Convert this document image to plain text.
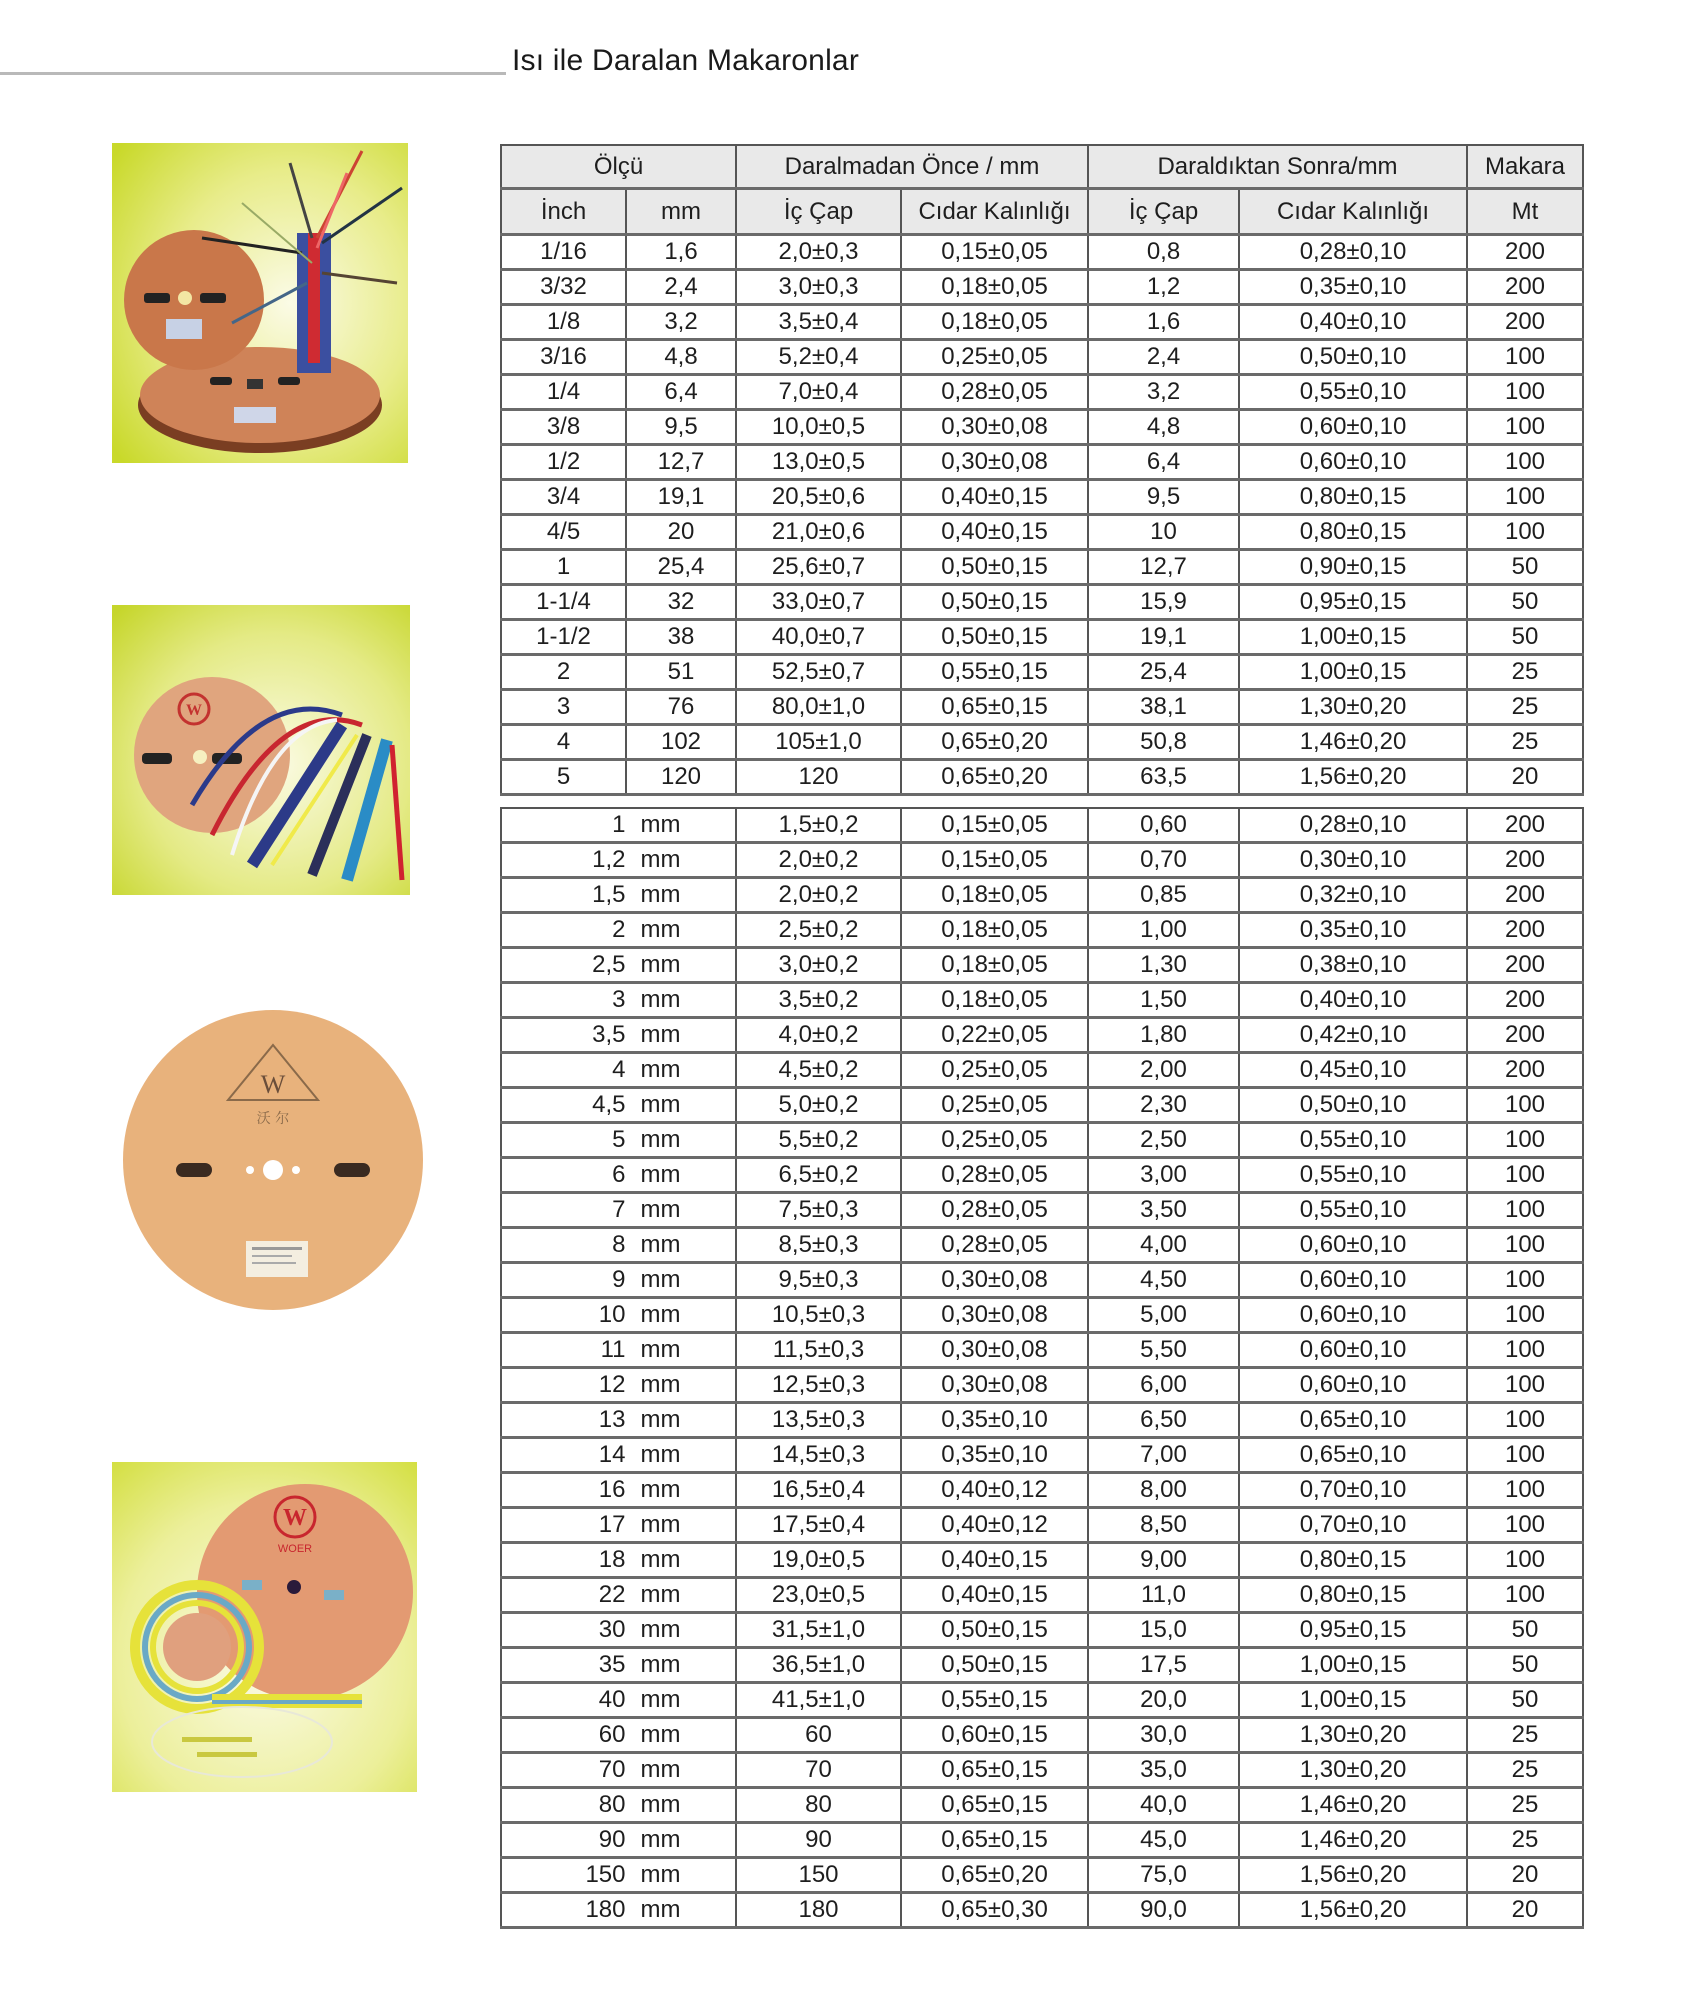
Isı ile Daralan Makaronlar
W
W
沃 尔
W
WOER
Ölçü		Daralmadan Önce / mm		Daraldıktan Sonra/mm		Makara
İnch	mm	İç Çap	Cıdar Kalınlığı	İç Çap	Cıdar Kalınlığı	Mt
1/16	1,6	2,0±0,3	0,15±0,05	0,8	0,28±0,10	200
3/32	2,4	3,0±0,3	0,18±0,05	1,2	0,35±0,10	200
1/8	3,2	3,5±0,4	0,18±0,05	1,6	0,40±0,10	200
3/16	4,8	5,2±0,4	0,25±0,05	2,4	0,50±0,10	100
1/4	6,4	7,0±0,4	0,28±0,05	3,2	0,55±0,10	100
3/8	9,5	10,0±0,5	0,30±0,08	4,8	0,60±0,10	100
1/2	12,7	13,0±0,5	0,30±0,08	6,4	0,60±0,10	100
3/4	19,1	20,5±0,6	0,40±0,15	9,5	0,80±0,15	100
4/5	20	21,0±0,6	0,40±0,15	10	0,80±0,15	100
1	25,4	25,6±0,7	0,50±0,15	12,7	0,90±0,15	50
1-1/4	32	33,0±0,7	0,50±0,15	15,9	0,95±0,15	50
1-1/2	38	40,0±0,7	0,50±0,15	19,1	1,00±0,15	50
2	51	52,5±0,7	0,55±0,15	25,4	1,00±0,15	25
3	76	80,0±1,0	0,65±0,15	38,1	1,30±0,20	25
4	102	105±1,0	0,65±0,20	50,8	1,46±0,20	25
5	120	120	0,65±0,20	63,5	1,56±0,20	20
1 mm	1,5±0,2	0,15±0,05	0,60	0,28±0,10	200

1,2 mm	2,0±0,2	0,15±0,05	0,70	0,30±0,10	200

1,5 mm	2,0±0,2	0,18±0,05	0,85	0,32±0,10	200

2 mm	2,5±0,2	0,18±0,05	1,00	0,35±0,10	200

2,5 mm	3,0±0,2	0,18±0,05	1,30	0,38±0,10	200

3 mm	3,5±0,2	0,18±0,05	1,50	0,40±0,10	200

3,5 mm	4,0±0,2	0,22±0,05	1,80	0,42±0,10	200

4 mm	4,5±0,2	0,25±0,05	2,00	0,45±0,10	200

4,5 mm	5,0±0,2	0,25±0,05	2,30	0,50±0,10	100

5 mm	5,5±0,2	0,25±0,05	2,50	0,55±0,10	100

6 mm	6,5±0,2	0,28±0,05	3,00	0,55±0,10	100

7 mm	7,5±0,3	0,28±0,05	3,50	0,55±0,10	100

8 mm	8,5±0,3	0,28±0,05	4,00	0,60±0,10	100

9 mm	9,5±0,3	0,30±0,08	4,50	0,60±0,10	100

10 mm	10,5±0,3	0,30±0,08	5,00	0,60±0,10	100

11 mm	11,5±0,3	0,30±0,08	5,50	0,60±0,10	100

12 mm	12,5±0,3	0,30±0,08	6,00	0,60±0,10	100

13 mm	13,5±0,3	0,35±0,10	6,50	0,65±0,10	100

14 mm	14,5±0,3	0,35±0,10	7,00	0,65±0,10	100

16 mm	16,5±0,4	0,40±0,12	8,00	0,70±0,10	100

17 mm	17,5±0,4	0,40±0,12	8,50	0,70±0,10	100

18 mm	19,0±0,5	0,40±0,15	9,00	0,80±0,15	100

22 mm	23,0±0,5	0,40±0,15	11,0	0,80±0,15	100

30 mm	31,5±1,0	0,50±0,15	15,0	0,95±0,15	50

35 mm	36,5±1,0	0,50±0,15	17,5	1,00±0,15	50

40 mm	41,5±1,0	0,55±0,15	20,0	1,00±0,15	50

60 mm	60	0,60±0,15	30,0	1,30±0,20	25

70 mm	70	0,65±0,15	35,0	1,30±0,20	25

80 mm	80	0,65±0,15	40,0	1,46±0,20	25

90 mm	90	0,65±0,15	45,0	1,46±0,20	25

150 mm	150	0,65±0,20	75,0	1,56±0,20	20

180 mm	180	0,65±0,30	90,0	1,56±0,20	20
